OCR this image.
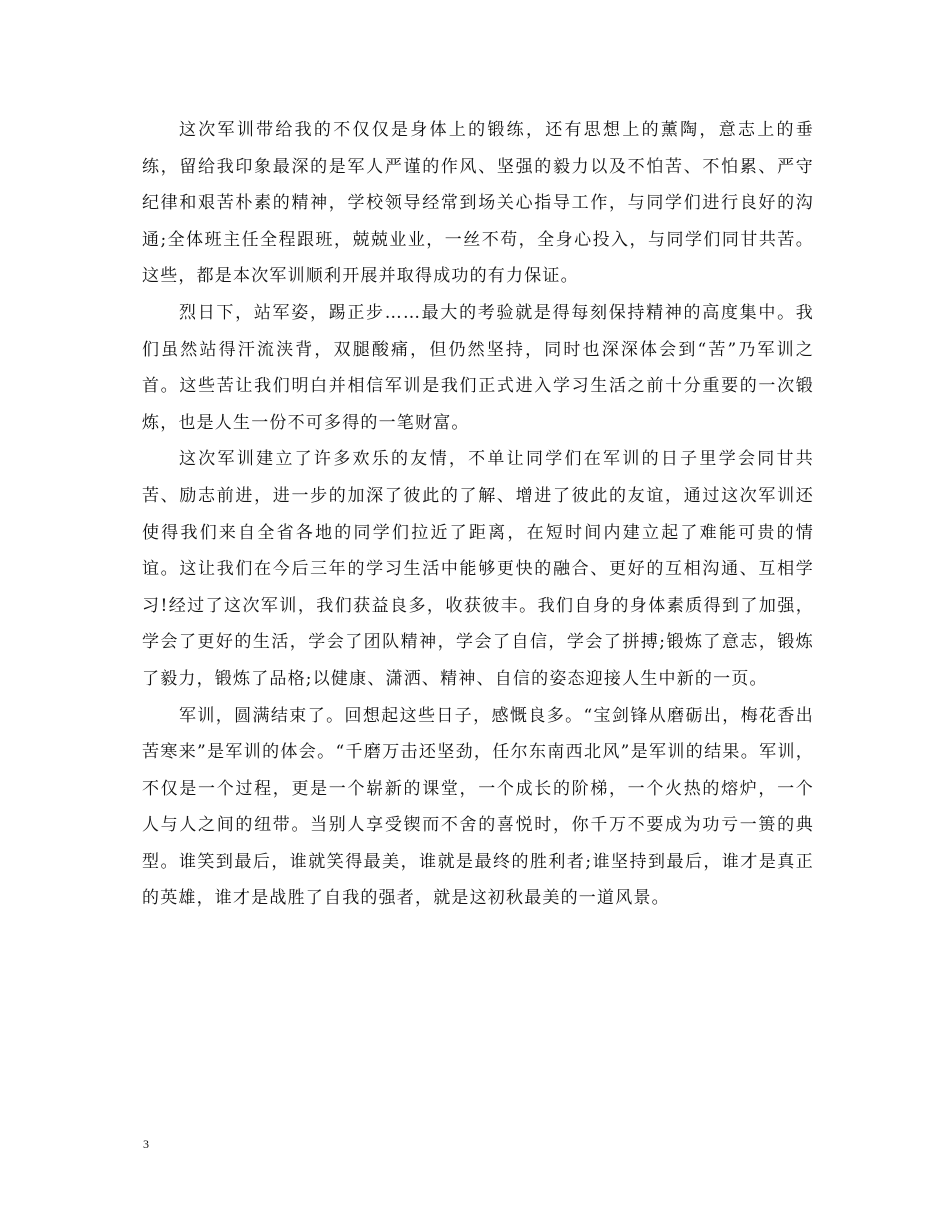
这次军训带给我的不仅仅是身体上的锻练，还有思想上的薰陶，意志上的垂练，留给我印象最深的是军人严谨的作风、坚强的毅力以及不怕苦、不怕累、严守纪律和艰苦朴素的精神，学校领导经常到场关心指导工作，与同学们进行良好的沟通;全体班主任全程跟班，兢兢业业，一丝不苟，全身心投入，与同学们同甘共苦。这些，都是本次军训顺利开展并取得成功的有力保证。

烈日下，站军姿，踢正步……最大的考验就是得每刻保持精神的高度集中。我们虽然站得汗流浃背，双腿酸痛，但仍然坚持，同时也深深体会到“苦”乃军训之首。这些苦让我们明白并相信军训是我们正式进入学习生活之前十分重要的一次锻炼，也是人生一份不可多得的一笔财富。

这次军训建立了许多欢乐的友情，不单让同学们在军训的日子里学会同甘共苦、励志前进，进一步的加深了彼此的了解、增进了彼此的友谊，通过这次军训还使得我们来自全省各地的同学们拉近了距离，在短时间内建立起了难能可贵的情谊。这让我们在今后三年的学习生活中能够更快的融合、更好的互相沟通、互相学习!经过了这次军训，我们获益良多，收获彼丰。我们自身的身体素质得到了加强，学会了更好的生活，学会了团队精神，学会了自信，学会了拼搏;锻炼了意志，锻炼了毅力，锻炼了品格;以健康、潇洒、精神、自信的姿态迎接人生中新的一页。

军训，圆满结束了。回想起这些日子，感慨良多。“宝剑锋从磨砺出，梅花香出苦寒来”是军训的体会。“千磨万击还坚劲，任尔东南西北风”是军训的结果。军训，不仅是一个过程，更是一个崭新的课堂，一个成长的阶梯，一个火热的熔炉，一个人与人之间的纽带。当别人享受锲而不舍的喜悦时，你千万不要成为功亏一篑的典型。谁笑到最后，谁就笑得最美，谁就是最终的胜利者;谁坚持到最后，谁才是真正的英雄，谁才是战胜了自我的强者，就是这初秋最美的一道风景。

3
